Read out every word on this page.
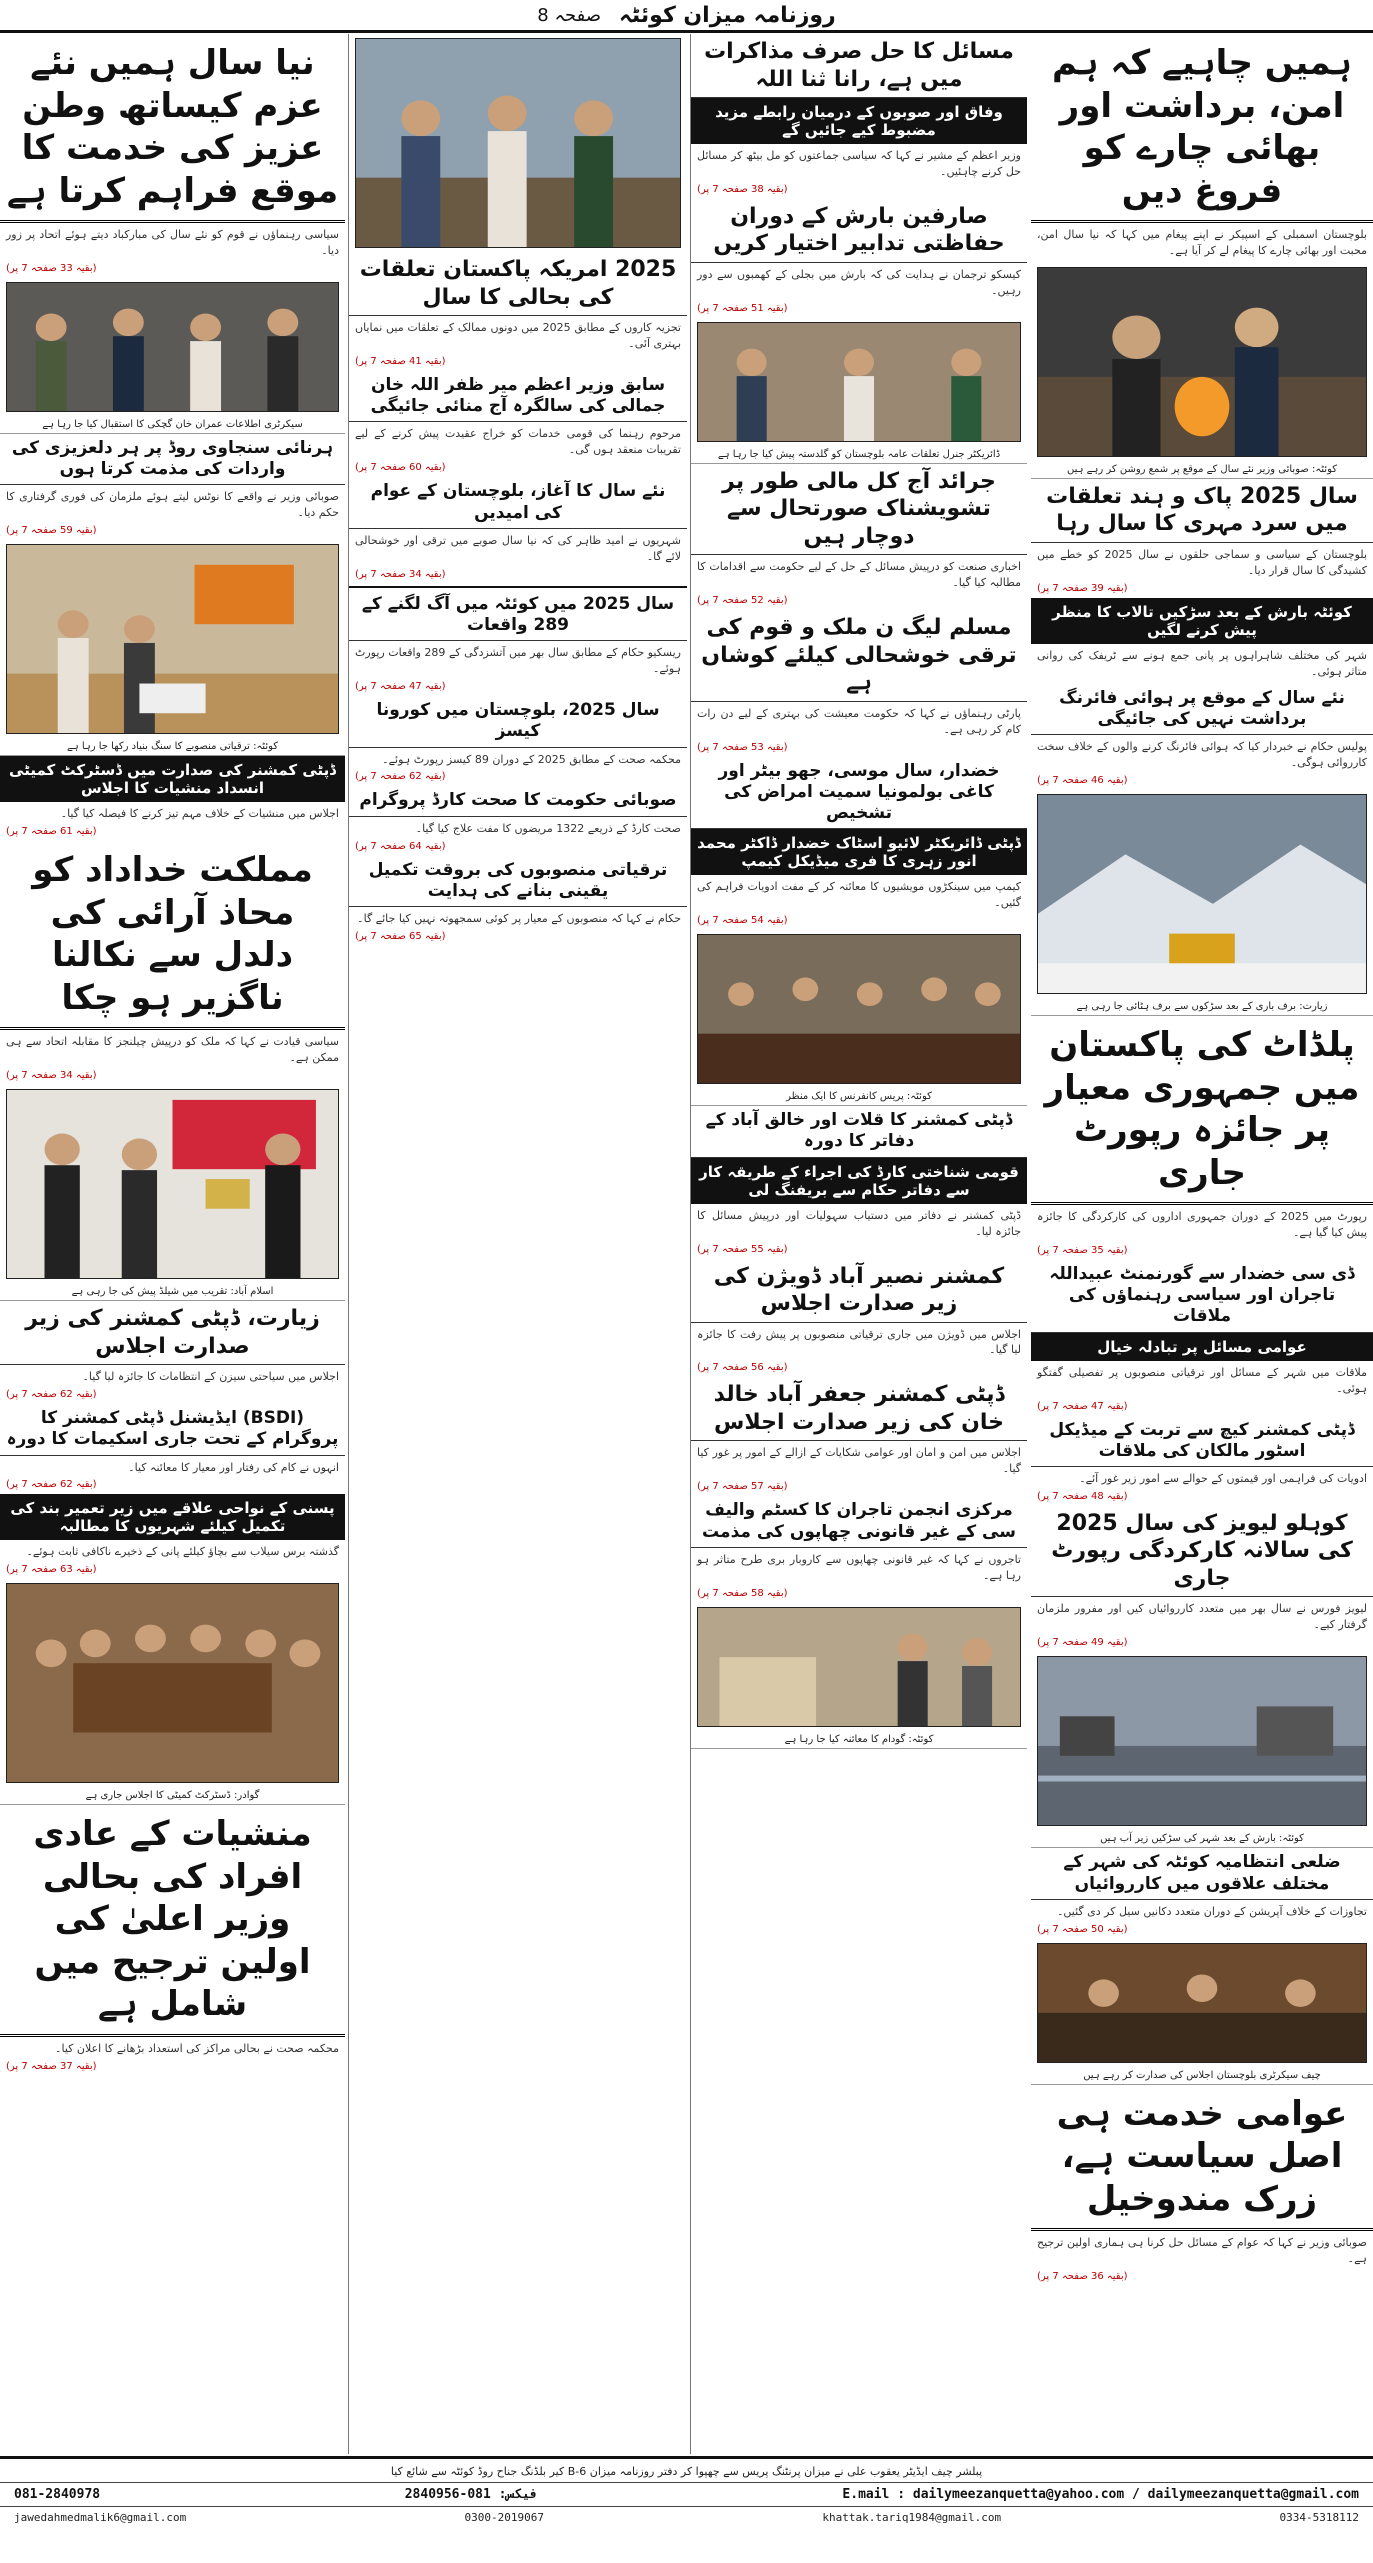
روزنامہ میزان کوئٹہ
صفحہ 8
ہمیں چاہیے کہ ہم امن، برداشت اور بھائی چارے کو فروغ دیں
بلوچستان اسمبلی کے اسپیکر نے اپنے پیغام میں کہا کہ نیا سال امن، محبت اور بھائی چارے کا پیغام لے کر آیا ہے۔
کوئٹہ: صوبائی وزیر نئے سال کے موقع پر شمع روشن کر رہے ہیں
سال 2025 پاک و ہند تعلقات میں سرد مہری کا سال رہا
بلوچستان کے سیاسی و سماجی حلقوں نے سال 2025 کو خطے میں کشیدگی کا سال قرار دیا۔
(بقیہ 39 صفحہ 7 پر)
کوئٹہ بارش کے بعد سڑکیں تالاب کا منظر پیش کرنے لگیں
شہر کی مختلف شاہراہوں پر پانی جمع ہونے سے ٹریفک کی روانی متاثر ہوئی۔
نئے سال کے موقع پر ہوائی فائرنگ برداشت نہیں کی جائیگی
پولیس حکام نے خبردار کیا کہ ہوائی فائرنگ کرنے والوں کے خلاف سخت کارروائی ہوگی۔
(بقیہ 46 صفحہ 7 پر)
زیارت: برف باری کے بعد سڑکوں سے برف ہٹائی جا رہی ہے
پلڈاٹ کی پاکستان میں جمہوری معیار پر جائزہ رپورٹ جاری
رپورٹ میں 2025 کے دوران جمہوری اداروں کی کارکردگی کا جائزہ پیش کیا گیا ہے۔
(بقیہ 35 صفحہ 7 پر)
ڈی سی خضدار سے گورنمنٹ عبیداللہ تاجران اور سیاسی رہنماؤں کی ملاقات
عوامی مسائل پر تبادلہ خیال
ملاقات میں شہر کے مسائل اور ترقیاتی منصوبوں پر تفصیلی گفتگو ہوئی۔
(بقیہ 47 صفحہ 7 پر)
ڈپٹی کمشنر کیچ سے تربت کے میڈیکل اسٹور مالکان کی ملاقات
ادویات کی فراہمی اور قیمتوں کے حوالے سے امور زیر غور آئے۔
(بقیہ 48 صفحہ 7 پر)
کوہلو لیویز کی سال 2025 کی سالانہ کارکردگی رپورٹ جاری
لیویز فورس نے سال بھر میں متعدد کارروائیاں کیں اور مفرور ملزمان گرفتار کیے۔
(بقیہ 49 صفحہ 7 پر)
کوئٹہ: بارش کے بعد شہر کی سڑکیں زیر آب ہیں
ضلعی انتظامیہ کوئٹہ کی شہر کے مختلف علاقوں میں کارروائیاں
تجاوزات کے خلاف آپریشن کے دوران متعدد دکانیں سیل کر دی گئیں۔
(بقیہ 50 صفحہ 7 پر)
چیف سیکرٹری بلوچستان اجلاس کی صدارت کر رہے ہیں
عوامی خدمت ہی اصل سیاست ہے، زرک مندوخیل
صوبائی وزیر نے کہا کہ عوام کے مسائل حل کرنا ہی ہماری اولین ترجیح ہے۔
(بقیہ 36 صفحہ 7 پر)
مسائل کا حل صرف مذاکرات میں ہے، رانا ثنا اللہ
وفاق اور صوبوں کے درمیان رابطے مزید مضبوط کیے جائیں گے
وزیر اعظم کے مشیر نے کہا کہ سیاسی جماعتوں کو مل بیٹھ کر مسائل حل کرنے چاہئیں۔
(بقیہ 38 صفحہ 7 پر)
صارفین بارش کے دوران حفاظتی تدابیر اختیار کریں
کیسکو ترجمان نے ہدایت کی کہ بارش میں بجلی کے کھمبوں سے دور رہیں۔
(بقیہ 51 صفحہ 7 پر)
ڈائریکٹر جنرل تعلقات عامہ بلوچستان کو گلدستہ پیش کیا جا رہا ہے
جرائد آج کل مالی طور پر تشویشناک صورتحال سے دوچار ہیں
اخباری صنعت کو درپیش مسائل کے حل کے لیے حکومت سے اقدامات کا مطالبہ کیا گیا۔
(بقیہ 52 صفحہ 7 پر)
مسلم لیگ ن ملک و قوم کی ترقی خوشحالی کیلئے کوشاں ہے
پارٹی رہنماؤں نے کہا کہ حکومت معیشت کی بہتری کے لیے دن رات کام کر رہی ہے۔
(بقیہ 53 صفحہ 7 پر)
خضدار، سال موسی، جھو بیٹر اور کاغی بولمونیا سمیت امراض کی تشخیص
ڈپٹی ڈائریکٹر لائیو اسٹاک خضدار ڈاکٹر محمد انور زہری کا فری میڈیکل کیمپ
کیمپ میں سینکڑوں مویشیوں کا معائنہ کر کے مفت ادویات فراہم کی گئیں۔
(بقیہ 54 صفحہ 7 پر)
کوئٹہ: پریس کانفرنس کا ایک منظر
ڈپٹی کمشنر کا قلات اور خالق آباد کے دفاتر کا دورہ
قومی شناختی کارڈ کی اجراء کے طریقہ کار سے دفاتر حکام سے بریفنگ لی
ڈپٹی کمشنر نے دفاتر میں دستیاب سہولیات اور درپیش مسائل کا جائزہ لیا۔
(بقیہ 55 صفحہ 7 پر)
کمشنر نصیر آباد ڈویژن کی زیر صدارت اجلاس
اجلاس میں ڈویژن میں جاری ترقیاتی منصوبوں پر پیش رفت کا جائزہ لیا گیا۔
(بقیہ 56 صفحہ 7 پر)
ڈپٹی کمشنر جعفر آباد خالد خان کی زیر صدارت اجلاس
اجلاس میں امن و امان اور عوامی شکایات کے ازالے کے امور پر غور کیا گیا۔
(بقیہ 57 صفحہ 7 پر)
مرکزی انجمن تاجران کا کسٹم والیف سی کے غیر قانونی چھاپوں کی مذمت
تاجروں نے کہا کہ غیر قانونی چھاپوں سے کاروبار بری طرح متاثر ہو رہا ہے۔
(بقیہ 58 صفحہ 7 پر)
کوئٹہ: گودام کا معائنہ کیا جا رہا ہے
2025 امریکہ پاکستان تعلقات کی بحالی کا سال
تجزیہ کاروں کے مطابق 2025 میں دونوں ممالک کے تعلقات میں نمایاں بہتری آئی۔
(بقیہ 41 صفحہ 7 پر)
سابق وزیر اعظم میر ظفر اللہ خان جمالی کی سالگرہ آج منائی جائیگی
مرحوم رہنما کی قومی خدمات کو خراج عقیدت پیش کرنے کے لیے تقریبات منعقد ہوں گی۔
(بقیہ 60 صفحہ 7 پر)
نئے سال کا آغاز، بلوچستان کے عوام کی امیدیں
شہریوں نے امید ظاہر کی کہ نیا سال صوبے میں ترقی اور خوشحالی لائے گا۔
(بقیہ 34 صفحہ 7 پر)
سال 2025 میں کوئٹہ میں آگ لگنے کے 289 واقعات
ریسکیو حکام کے مطابق سال بھر میں آتشزدگی کے 289 واقعات رپورٹ ہوئے۔
(بقیہ 47 صفحہ 7 پر)
سال 2025، بلوچستان میں کورونا کیسز
محکمہ صحت کے مطابق 2025 کے دوران 89 کیسز رپورٹ ہوئے۔
(بقیہ 62 صفحہ 7 پر)
صوبائی حکومت کا صحت کارڈ پروگرام
صحت کارڈ کے ذریعے 1322 مریضوں کا مفت علاج کیا گیا۔
(بقیہ 64 صفحہ 7 پر)
ترقیاتی منصوبوں کی بروقت تکمیل یقینی بنانے کی ہدایت
حکام نے کہا کہ منصوبوں کے معیار پر کوئی سمجھوتہ نہیں کیا جائے گا۔
(بقیہ 65 صفحہ 7 پر)
نیا سال ہمیں نئے عزم کیساتھ وطن عزیز کی خدمت کا موقع فراہم کرتا ہے
سیاسی رہنماؤں نے قوم کو نئے سال کی مبارکباد دیتے ہوئے اتحاد پر زور دیا۔
(بقیہ 33 صفحہ 7 پر)
سیکرٹری اطلاعات عمران خان گچکی کا استقبال کیا جا رہا ہے
ہرنائی سنجاوی روڈ پر ہر دلعزیزی کی واردات کی مذمت کرتا ہوں
صوبائی وزیر نے واقعے کا نوٹس لیتے ہوئے ملزمان کی فوری گرفتاری کا حکم دیا۔
(بقیہ 59 صفحہ 7 پر)
کوئٹہ: ترقیاتی منصوبے کا سنگ بنیاد رکھا جا رہا ہے
ڈپٹی کمشنر کی صدارت میں ڈسٹرکٹ کمیٹی انسداد منشیات کا اجلاس
اجلاس میں منشیات کے خلاف مہم تیز کرنے کا فیصلہ کیا گیا۔
(بقیہ 61 صفحہ 7 پر)
مملکت خداداد کو محاذ آرائی کی دلدل سے نکالنا ناگزیر ہو چکا
سیاسی قیادت نے کہا کہ ملک کو درپیش چیلنجز کا مقابلہ اتحاد سے ہی ممکن ہے۔
(بقیہ 34 صفحہ 7 پر)
اسلام آباد: تقریب میں شیلڈ پیش کی جا رہی ہے
زیارت، ڈپٹی کمشنر کی زیر صدارت اجلاس
اجلاس میں سیاحتی سیزن کے انتظامات کا جائزہ لیا گیا۔
(بقیہ 62 صفحہ 7 پر)
(BSDI) ایڈیشنل ڈپٹی کمشنر کا پروگرام کے تحت جاری اسکیمات کا دورہ
انہوں نے کام کی رفتار اور معیار کا معائنہ کیا۔
(بقیہ 62 صفحہ 7 پر)
پسنی کے نواحی علاقے میں زیر تعمیر بند کی تکمیل کیلئے شہریوں کا مطالبہ
گذشتہ برس سیلاب سے بچاؤ کیلئے پانی کے ذخیرے ناکافی ثابت ہوئے۔
(بقیہ 63 صفحہ 7 پر)
گوادر: ڈسٹرکٹ کمیٹی کا اجلاس جاری ہے
منشیات کے عادی افراد کی بحالی وزیر اعلیٰ کی اولین ترجیح میں شامل ہے
محکمہ صحت نے بحالی مراکز کی استعداد بڑھانے کا اعلان کیا۔
(بقیہ 37 صفحہ 7 پر)
پبلشر چیف ایڈیٹر یعقوب علی نے میزان پرنٹنگ پریس سے چھپوا کر دفتر روزنامہ میزان B-6 کیر بلڈنگ جناح روڈ کوئٹہ سے شائع کیا
081-2840978	فیکس: 081-2840956	E.mail : dailymeezanquetta@yahoo.com / dailymeezanquetta@gmail.com
jawedahmedmalik6@gmail.com	0300-2019067	khattak.tariq1984@gmail.com	0334-5318112
